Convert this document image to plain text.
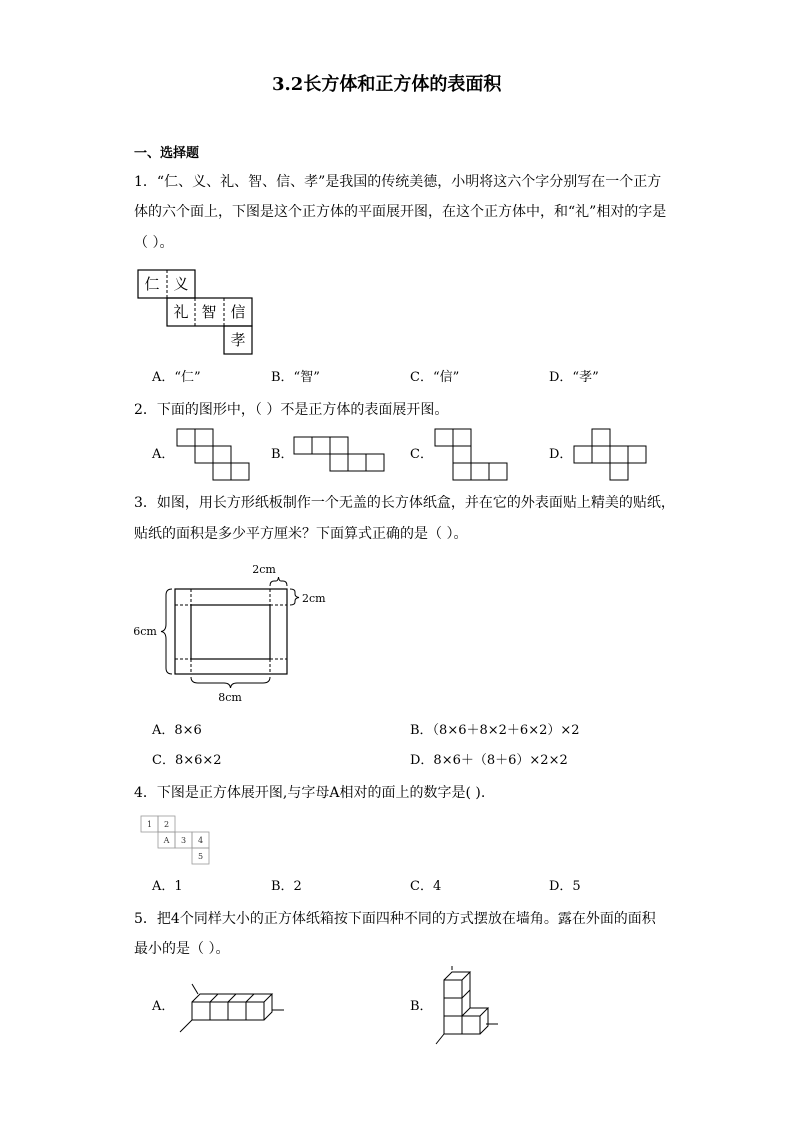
3.2长方体和正方体的表面积
一、选择题
1．“仁、义、礼、智、信、孝”是我国的传统美德，小明将这六个字分别写在一个正方
体的六个面上，下图是这个正方体的平面展开图，在这个正方体中，和“礼”相对的字是
（ ）。
仁 义
礼 智 信
孝
A．“仁”	B．“智”	C．“信”	D．“孝”
2．下面的图形中，（ ）不是正方体的表面展开图。
A．	B．	C．	D．
3．如图，用长方形纸板制作一个无盖的长方体纸盒，并在它的外表面贴上精美的贴纸，
贴纸的面积是多少平方厘米？下面算式正确的是（ ）。
2cm
2cm
6cm
8cm
A．8×6	B．（8×6＋8×2＋6×2）×2
C．8×6×2	D．8×6＋（8＋6）×2×2
4．下图是正方体展开图,与字母A相对的面上的数字是( ).
1 2
A 3 4
5
A．1	B．2	C．4	D．5
5．把4个同样大小的正方体纸箱按下面四种不同的方式摆放在墙角。露在外面的面积
最小的是（ ）。
A．	B．
